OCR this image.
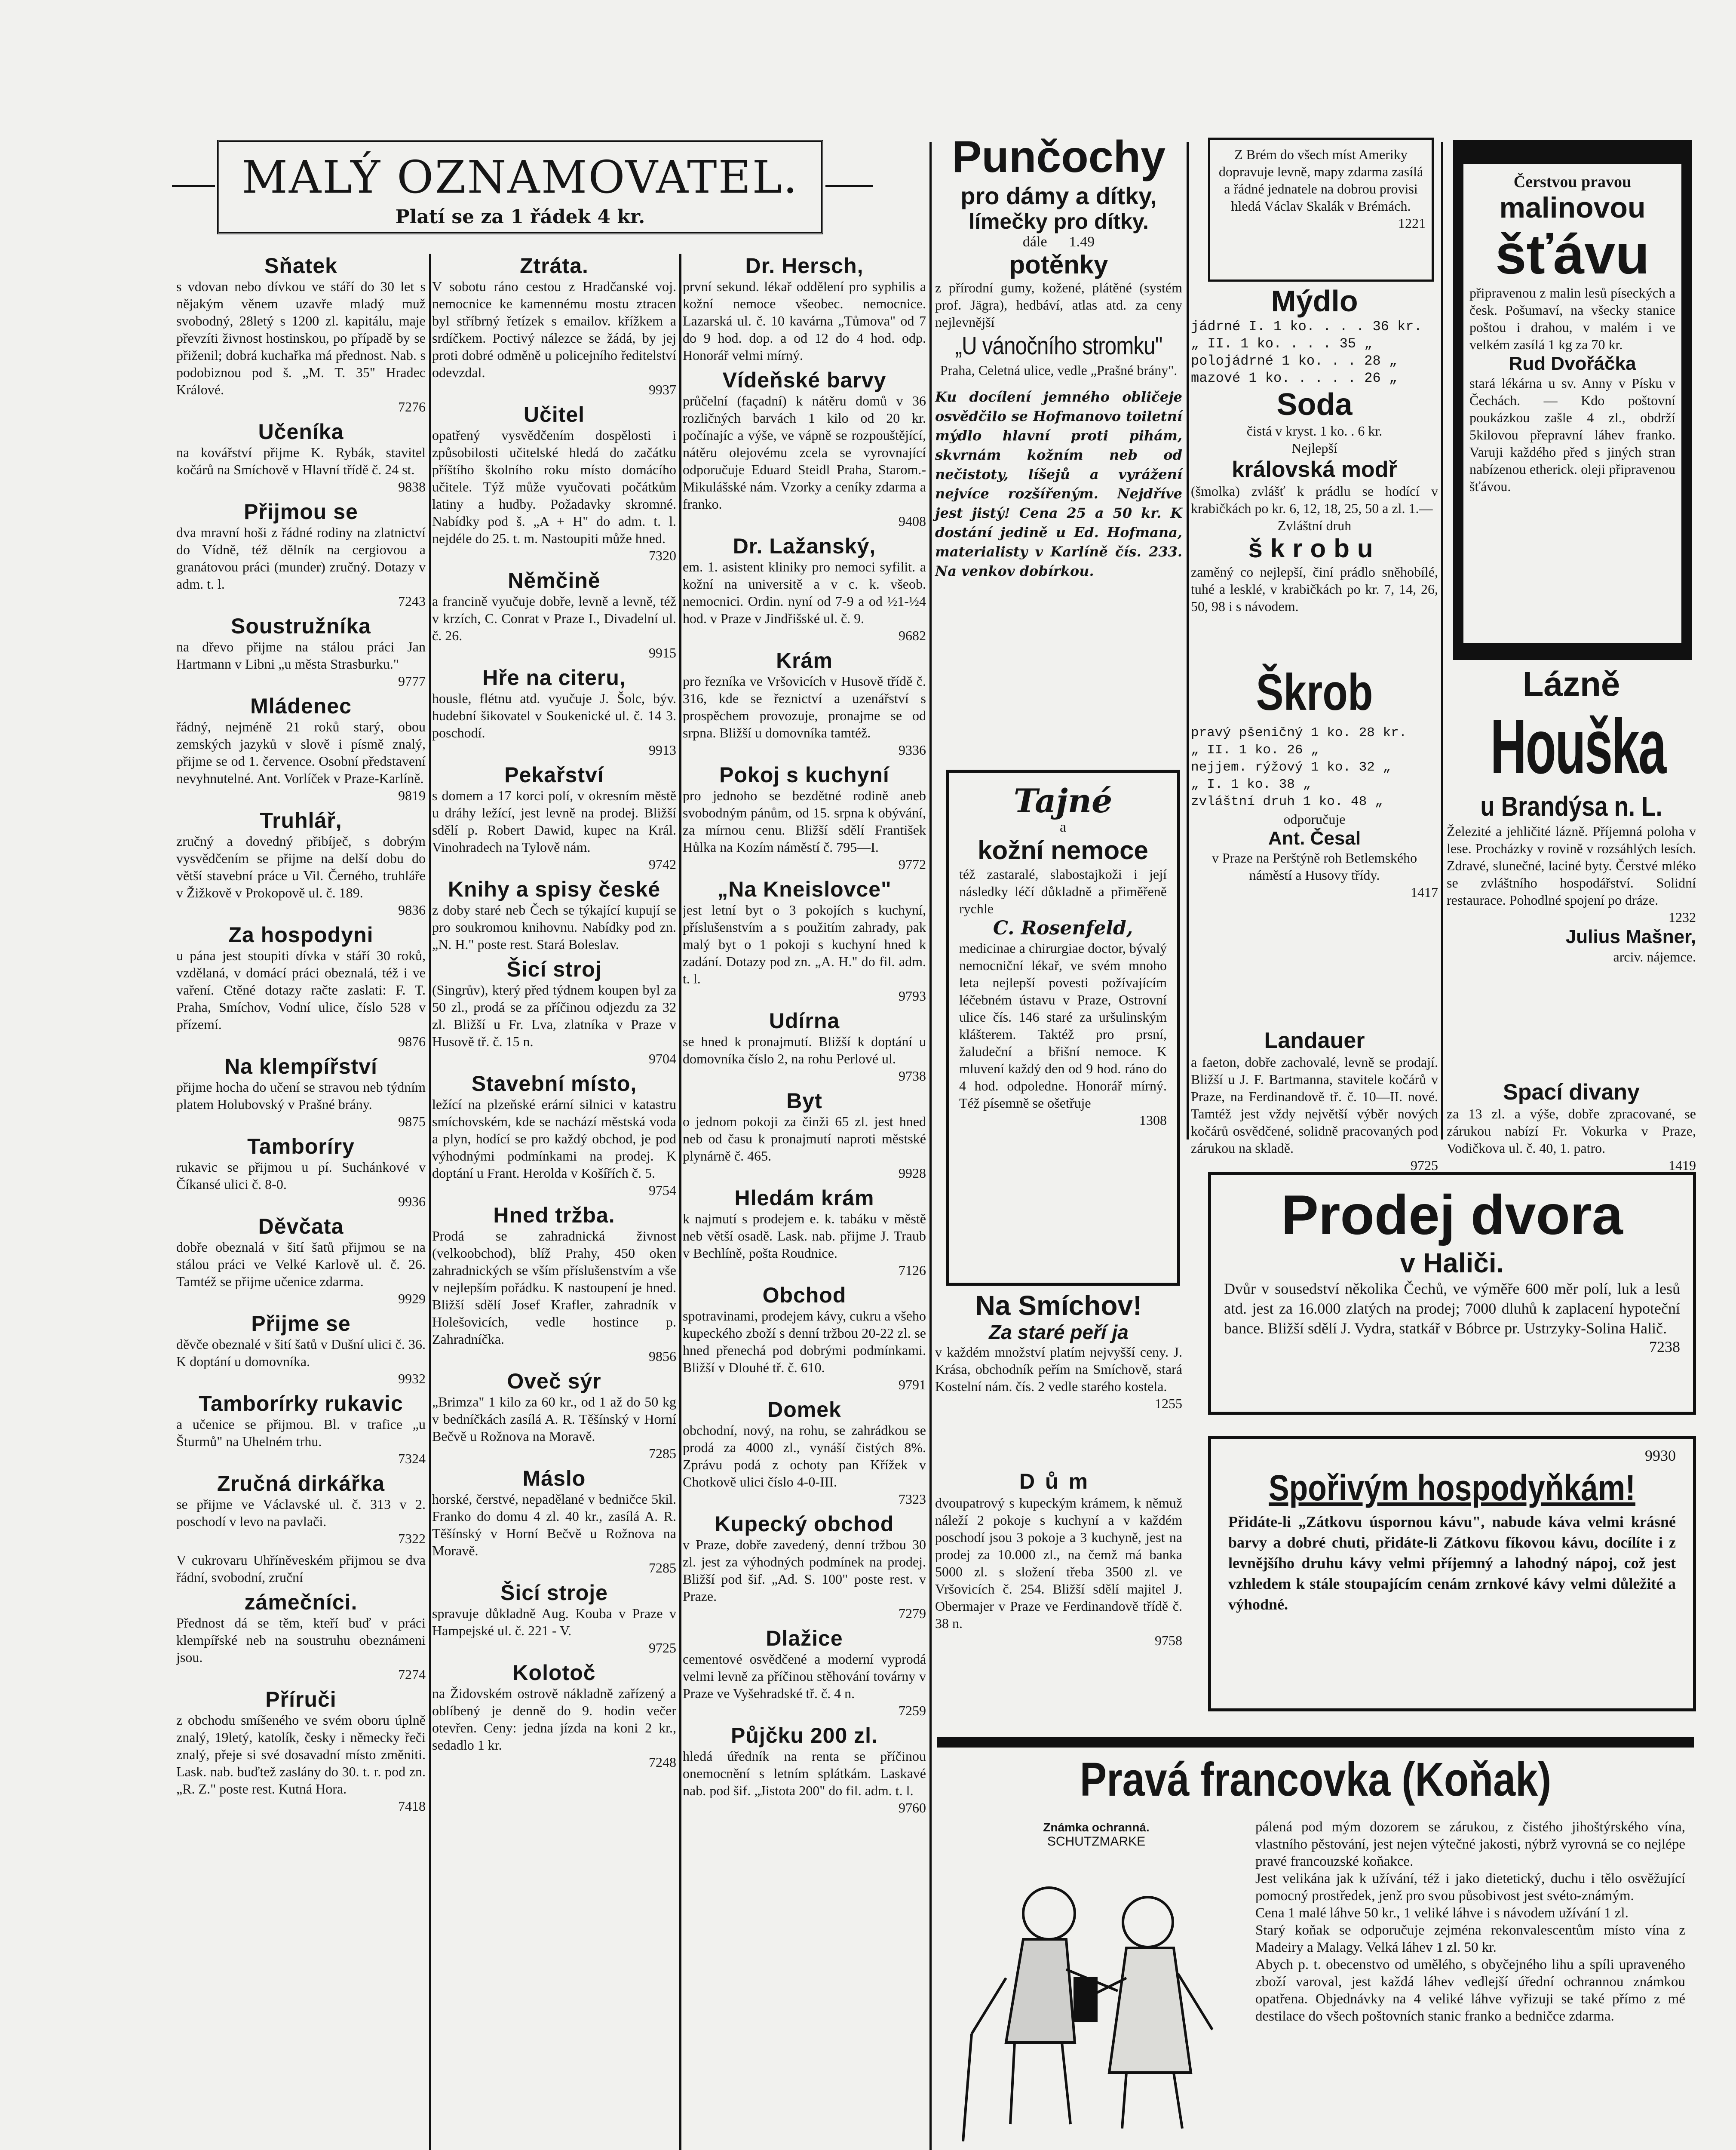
MALÝ OZNAMOVATEL.
Platí se za 1 řádek 4 kr.
Sňatek

s vdovan nebo dívkou ve stáří do 30 let s nějakým věnem uzavře mladý muž svobodný, 28letý s 1200 zl. kapitálu, maje převzíti živnost hostinskou, po případě by se přiženil; dobrá kuchařka má přednost. Nab. s podobiznou pod š. „M. T. 35" Hradec Králové.

7276
Učeníka

na kovářství přijme K. Rybák, stavitel kočárů na Smíchově v Hlavní třídě č. 24 st.

9838
Přijmou se

dva mravní hoši z řádné rodiny na zlatnictví do Vídně, též dělník na cergiovou a granátovou práci (munder) zručný. Dotazy v adm. t. l.

7243
Soustružníka

na dřevo přijme na stálou práci Jan Hartmann v Libni „u města Strasburku."

9777
Mládenec

řádný, nejméně 21 roků starý, obou zemských jazyků v slově i písmě znalý, přijme se od 1. července. Osobní představení nevyhnutelné. Ant. Vorlíček v Praze-Karlíně.

9819
Truhlář,

zručný a dovedný přibíječ, s dobrým vysvědčením se přijme na delší dobu do větší stavební práce u Vil. Černého, truhláře v Žižkově v Prokopově ul. č. 189.

9836
Za hospodyni

u pána jest stoupiti dívka v stáří 30 roků, vzdělaná, v domácí práci obeznalá, též i ve vaření. Ctěné dotazy račte zaslati: F. T. Praha, Smíchov, Vodní ulice, číslo 528 v přízemí.

9876
Na klempířství

přijme hocha do učení se stravou neb týdním platem Holubovský v Prašné brány.

9875
Tamboríry

rukavic se přijmou u pí. Suchánkové v Číkansé ulici č. 8-0.

9936
Děvčata

dobře obeznalá v šití šatů přijmou se na stálou práci ve Velké Karlově ul. č. 26. Tamtéž se přijme učenice zdarma.

9929
Přijme se

děvče obeznalé v šití šatů v Dušní ulici č. 36. K doptání u domovníka.

9932
Tamborírky rukavic

a učenice se přijmou. Bl. v trafice „u Šturmů" na Uhelném trhu.

7324
Zručná dirkářka

se přijme ve Václavské ul. č. 313 v 2. poschodí v levo na pavlači.

7322

V cukrovaru Uhříněveském přijmou se dva řádní, svobodní, zruční

zámečníci.

Přednost dá se těm, kteří buď v práci klempířské neb na soustruhu obeznámeni jsou.

7274
Příruči

z obchodu smíšeného ve svém oboru úplně znalý, 19letý, katolík, česky i německy řeči znalý, přeje si své dosavadní místo změniti. Lask. nab. buďtež zaslány do 30. t. r. pod zn. „R. Z." poste rest. Kutná Hora.

7418
Ztráta.

V sobotu ráno cestou z Hradčanské voj. nemocnice ke kamennému mostu ztracen byl stříbrný řetízek s emailov. křížkem a srdíčkem. Poctivý nálezce se žádá, by jej proti dobré odměně u policejního ředitelství odevzdal.

9937
Učitel

opatřený vysvědčením dospělosti i způsobilosti učitelské hledá do začátku příštího školního roku místo domácího učitele. Týž může vyučovati počátkům latiny a hudby. Požadavky skromné. Nabídky pod š. „A + H" do adm. t. l. nejdéle do 25. t. m. Nastoupiti může hned.

7320
Němčině

a francině vyučuje dobře, levně a levně, též v krzích, C. Conrat v Praze I., Divadelní ul. č. 26.

9915
Hře na citeru,

housle, flétnu atd. vyučuje J. Šolc, býv. hudební šikovatel v Soukenické ul. č. 14 3. poschodí.

9913
Pekařství

s domem a 17 korci polí, v okresním městě u dráhy ležící, jest levně na prodej. Bližší sdělí p. Robert Dawid, kupec na Král. Vinohradech na Tylově nám.

9742
Knihy a spisy české

z doby staré neb Čech se týkající kupují se pro soukromou knihovnu. Nabídky pod zn. „N. H." poste rest. Stará Boleslav.

Šicí stroj

(Singrův), který před týdnem koupen byl za 50 zl., prodá se za příčinou odjezdu za 32 zl. Bližší u Fr. Lva, zlatníka v Praze v Husově tř. č. 15 n.

9704
Stavební místo,

ležící na plzeňské erární silnici v katastru smíchovském, kde se nachází městská voda a plyn, hodící se pro každý obchod, je pod výhodnými podmínkami na prodej. K doptání u Frant. Herolda v Košířích č. 5.

9754
Hned tržba.

Prodá se zahradnická živnost (velkoobchod), blíž Prahy, 450 oken zahradnických se vším příslušenstvím a vše v nejlepším pořádku. K nastoupení je hned. Bližší sdělí Josef Krafler, zahradník v Holešovicích, vedle hostince p. Zahradníčka.

9856
Oveč sýr

„Brimza" 1 kilo za 60 kr., od 1 až do 50 kg v bedníčkách zasílá A. R. Těšínský v Horní Bečvě u Rožnova na Moravě.

7285
Máslo

horské, čerstvé, nepadělané v bedničce 5kil. Franko do domu 4 zl. 40 kr., zasílá A. R. Těšínský v Horní Bečvě u Rožnova na Moravě.

7285
Šicí stroje

spravuje důkladně Aug. Kouba v Praze v Hampejské ul. č. 221 - V.

9725
Kolotoč

na Židovském ostrově nákladně zařízený a oblíbený je denně do 9. hodin večer otevřen. Ceny: jedna jízda na koni 2 kr., sedadlo 1 kr.

7248
Dr. Hersch,

první sekund. lékař oddělení pro syphilis a kožní nemoce všeobec. nemocnice. Lazarská ul. č. 10 kavárna „Tůmova" od 7 do 9 hod. dop. a od 12 do 4 hod. odp. Honorář velmi mírný.

Vídeňské barvy

průčelní (façadní) k nátěru domů v 36 rozličných barvách 1 kilo od 20 kr. počínajíc a výše, ve vápně se rozpouštějící, nátěru olejovému zcela se vyrovnající odporučuje Eduard Steidl Praha, Starom.-Mikulášské nám. Vzorky a ceníky zdarma a franko.

9408
Dr. Lažanský,

em. 1. asistent kliniky pro nemoci syfilit. a kožní na universitě a v c. k. všeob. nemocnici. Ordin. nyní od 7-9 a od ½1-½4 hod. v Praze v Jindřišské ul. č. 9.

9682
Krám

pro řezníka ve Vršovicích v Husově třídě č. 316, kde se řeznictví a uzenářství s prospěchem provozuje, pronajme se od srpna. Bližší u domovníka tamtéž.

9336
Pokoj s kuchyní

pro jednoho se bezdětné rodině aneb svobodným pánům, od 15. srpna k obývání, za mírnou cenu. Bližší sdělí František Hůlka na Kozím náměstí č. 795—I.

9772
„Na Kneislovce"

jest letní byt o 3 pokojích s kuchyní, příslušenstvím a s použitím zahrady, pak malý byt o 1 pokoji s kuchyní hned k zadání. Dotazy pod zn. „A. H." do fil. adm. t. l.

9793
Udírna

se hned k pronajmutí. Bližší k doptání u domovníka číslo 2, na rohu Perlové ul.

9738
Byt

o jednom pokoji za činži 65 zl. jest hned neb od času k pronajmutí naproti městské plynárně č. 465.

9928
Hledám krám

k najmutí s prodejem e. k. tabáku v městě neb větší osadě. Lask. nab. přijme J. Traub v Bechlíně, pošta Roudnice.

7126
Obchod

spotravinami, prodejem kávy, cukru a všeho kupeckého zboží s denní tržbou 20-22 zl. se hned přenechá pod dobrými podmínkami. Bližší v Dlouhé tř. č. 610.

9791
Domek

obchodní, nový, na rohu, se zahrádkou se prodá za 4000 zl., vynáší čistých 8%. Zprávu podá z ochoty pan Křížek v Chotkově ulici číslo 4-0-III.

7323
Kupecký obchod

v Praze, dobře zavedený, denní tržbou 30 zl. jest za výhodných podmínek na prodej. Bližší pod šif. „Ad. S. 100" poste rest. v Praze.

7279
Dlažice

cementové osvědčené a moderní vyprodá velmi levně za příčinou stěhování továrny v Praze ve Vyšehradské tř. č. 4 n.

7259
Půjčku 200 zl.

hledá úředník na renta se příčinou onemocnění s letním splátkám. Laskavé nab. pod šif. „Jistota 200" do fil. adm. t. l.

9760
Punčochy
pro dámy a dítky,
límečky pro dítky.
dále 1.49
potěnky
z přírodní gumy, kožené, plátěné (systém prof. Jägra), hedbáví, atlas atd. za ceny nejlevnější
„U vánočního stromku"
Praha, Celetná ulice, vedle „Prašné brány".
Ku docílení jemného obličeje osvědčilo se Hofmanovo toiletní mýdlo hlavní proti pihám, skvrnám kožním neb od nečistoty, líšejů a vyrážení nejvíce rozšířeným. Nejdříve jest jistý! Cena 25 a 50 kr. K dostání jedině u Ed. Hofmana, materialisty v Karlíně čís. 233. Na venkov dobírkou.
Tajné
a
kožní nemoce
též zastaralé, slabostajkoži i její následky léčí důkladně a přiměřeně rychle
C. Rosenfeld,
medicinae a chirurgiae doctor, bývalý nemocniční lékař, ve svém mnoho leta nejlepší povesti požívajícím léčebném ústavu v Praze, Ostrovní ulice čís. 146 staré za uršulinským klášterem. Taktéž pro prsní, žaludeční a břišní nemoce. K mluvení každý den od 9 hod. ráno do 4 hod. odpoledne. Honorář mírný. Též písemně se ošetřuje
1308
Na Smíchov!
Za staré peří ja
v každém množství platím nejvyšší ceny. J. Krása, obchodník peřím na Smíchově, stará Kostelní nám. čís. 2 vedle starého kostela.
1255
Dům
dvoupatrový s kupeckým krámem, k němuž náleží 2 pokoje s kuchyní a v každém poschodí jsou 3 pokoje a 3 kuchyně, jest na prodej za 10.000 zl., na čemž má banka 5000 zl. s složení třeba 3500 zl. ve Vršovicích č. 254. Bližší sdělí majitel J. Obermajer v Praze ve Ferdinandově třídě č. 38 n.
9758
Z Brém do všech míst Ameriky dopravuje levně, mapy zdarma zasílá a řádné jednatele na dobrou provisi hledá Václav Skalák v Brémách.
1221
Mýdlo
jádrné I. 1 ko. . . . 36 kr.
„ II. 1 ko. . . . 35 „
polojádrné 1 ko. . . 28 „
mazové 1 ko. . . . . 26 „
Soda
čistá v kryst. 1 ko. . 6 kr.
Nejlepší
královská modř
(šmolka) zvlášť k prádlu se hodící v krabičkách po kr. 6, 12, 18, 25, 50 a zl. 1.—
Zvláštní druh
škrobu
zaměný co nejlepší, činí prádlo sněhobílé, tuhé a lesklé, v krabičkách po kr. 7, 14, 26, 50, 98 i s návodem.
Škrob
pravý pšeničný 1 ko. 28 kr.
„ II. 1 ko. 26 „
nejjem. rýžový 1 ko. 32 „
„ I. 1 ko. 38 „
zvláštní druh 1 ko. 48 „
odporučuje
Ant. Česal
v Praze na Perštýně roh Betlemského náměstí a Husovy třídy.
1417
Landauer
a faeton, dobře zachovalé, levně se prodají. Bližší u J. F. Bartmanna, stavitele kočárů v Praze, na Ferdinandově tř. č. 10—II. nové. Tamtéž jest vždy největší výběr nových kočárů osvědčené, solidně pracovaných pod zárukou na skladě.
9725
Čerstvou pravou
malinovou
šťávu
připravenou z malin lesů píseckých a česk. Pošumaví, na všecky stanice poštou i drahou, v malém i ve velkém zasílá 1 kg za 70 kr.
Rud Dvořáčka
stará lékárna u sv. Anny v Písku v Čechách. — Kdo poštovní poukázkou zašle 4 zl., obdrží 5kilovou přepravní láhev franko. Varuji každého před s jiných stran nabízenou etherick. oleji připravenou šťávou.
Lázně
Houška
u Brandýsa n. L.
Železité a jehličité lázně. Příjemná poloha v lese. Procházky v rovině v rozsáhlých lesích. Zdravé, slunečné, laciné byty. Čerstvé mléko se zvláštního hospodářství. Solidní restaurace. Pohodlné spojení po dráze.
1232
Julius Mašner,
arciv. nájemce.
Spací divany
za 13 zl. a výše, dobře zpracované, se zárukou nabízí Fr. Vokurka v Praze, Vodičkova ul. č. 40, 1. patro.
1419
Prodej dvora
v Haliči.
Dvůr v sousedství několika Čechů, ve výměře 600 měr polí, luk a lesů atd. jest za 16.000 zlatých na prodej; 7000 dluhů k zaplacení hypoteční bance. Bližší sdělí J. Vydra, statkář v Bóbrce pr. Ustrzyky-Solina Halič.
7238
9930
Spořivým hospodyňkám!
Přidáte-li „Zátkovu úspornou kávu", nabude káva velmi krásné barvy a dobré chuti, přidáte-li Zátkovu fíkovou kávu, docílíte i z levnějšího druhu kávy velmi příjemný a lahodný nápoj, což jest vzhledem k stále stoupajícím cenám zrnkové kávy velmi důležité a výhodné.
Pravá francovka (Koňak)
Známka ochranná.
SCHUTZMARKE

pálená pod mým dozorem se zárukou, z čistého jihoštýrského vína, vlastního pěstování, jest nejen výtečné jakosti, nýbrž vyrovná se co nejlépe pravé francouzské koňakce.

Jest velikána jak k užívání, též i jako dietetický, duchu i tělo osvěžující pomocný prostředek, jenž pro svou působivost jest svéto-známým.

Cena 1 malé láhve 50 kr., 1 veliké láhve i s návodem užívání 1 zl.

Starý koňak se odporučuje zejména rekonvalescentům místo vína z Madeiry a Malagy. Velká láhev 1 zl. 50 kr.

Abych p. t. obecenstvo od umělého, s obyčejného lihu a spíli upraveného zboží varoval, jest každá láhev vedlejší úřední ochrannou známkou opatřena. Objednávky na 4 veliké láhve vyřizuji se také přímo z mé destilace do všech poštovních stanic franko a bedničce zdarma.
